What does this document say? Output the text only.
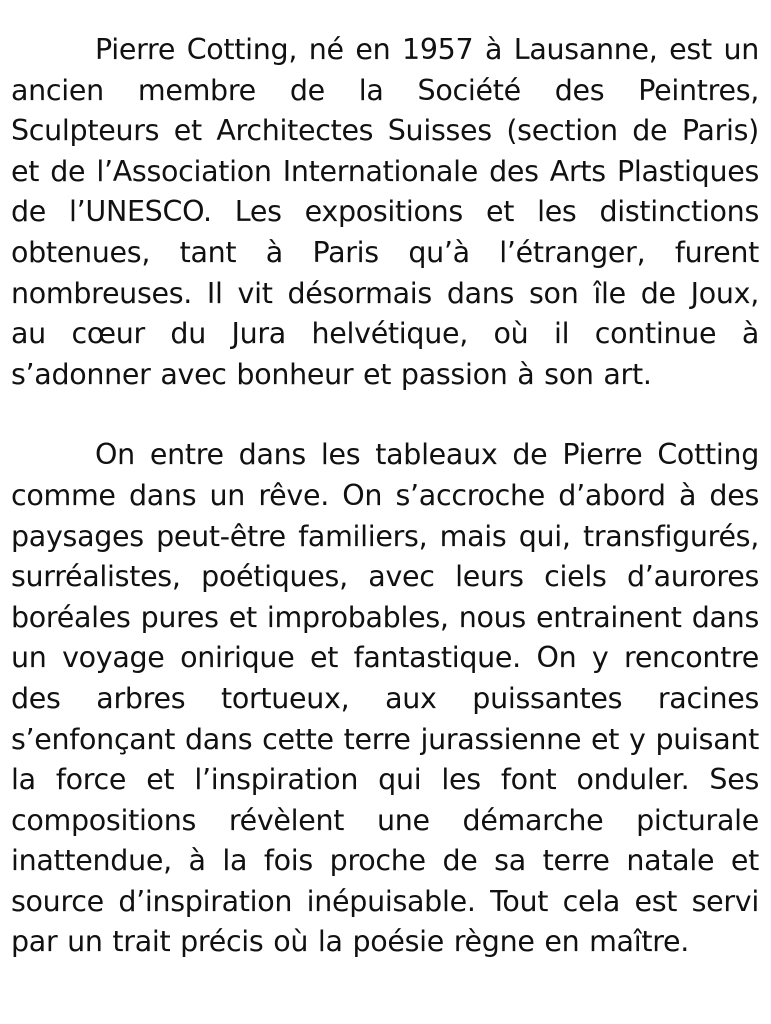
Pierre Cotting, né en 1957 à Lausanne, est un ancien membre de la Société des Peintres, Sculpteurs et Architectes Suisses (section de Paris) et de l’Association Internationale des Arts Plastiques de l’UNESCO. Les expositions et les distinctions obtenues, tant à Paris qu’à l’étranger, furent nombreuses. Il vit désormais dans son île de Joux, au cœur du Jura helvétique, où il continue à s’adonner avec bonheur et passion à son art.

On entre dans les tableaux de Pierre Cotting comme dans un rêve. On s’accroche d’abord à des paysages peut-être familiers, mais qui, transfigurés, surréalistes, poétiques, avec leurs ciels d’aurores boréales pures et improbables, nous entrainent dans un voyage onirique et fantastique. On y rencontre des arbres tortueux, aux puissantes racines s’enfonçant dans cette terre jurassienne et y puisant la force et l’inspiration qui les font onduler. Ses compositions révèlent une démarche picturale inattendue, à la fois proche de sa terre natale et source d’inspiration inépuisable. Tout cela est servi par un trait précis où la poésie règne en maître.
